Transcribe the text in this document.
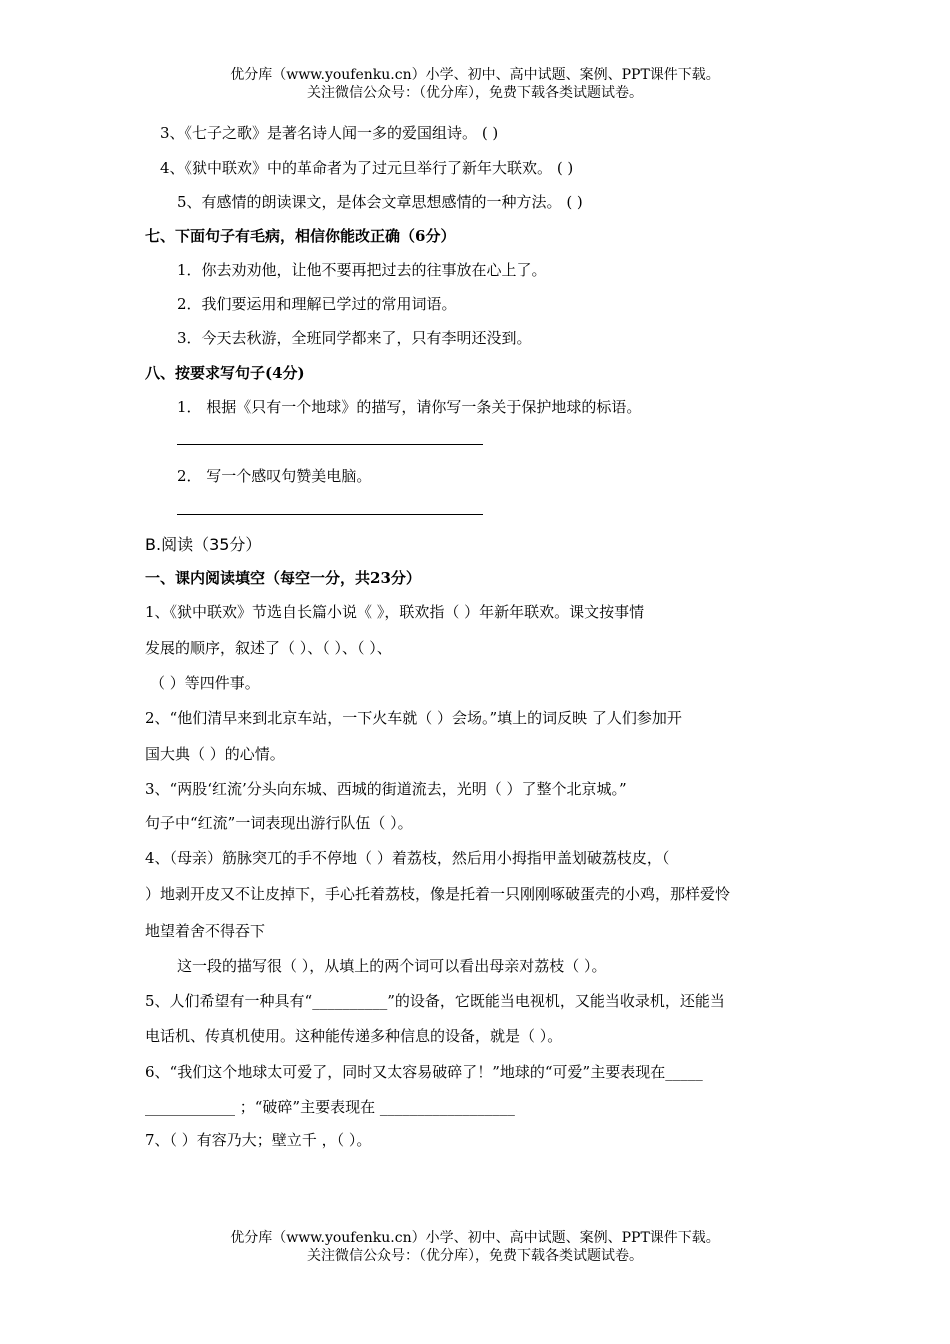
优分库（www.youfenku.cn）小学、初中、高中试题、案例、PPT课件下载。
关注微信公众号：（优分库），免费下载各类试题试卷。
3、《七子之歌》是著名诗人闻一多的爱国组诗。 ( )
4、《狱中联欢》中的革命者为了过元旦举行了新年大联欢。 ( )
5、有感情的朗读课文，是体会文章思想感情的一种方法。 ( )
七、下面句子有毛病，相信你能改正确（6分）
1．你去劝劝他，让他不要再把过去的往事放在心上了。
2．我们要运用和理解已学过的常用词语。
3．今天去秋游，全班同学都来了，只有李明还没到。
八、按要求写句子(4分)
1． 根据《只有一个地球》的描写，请你写一条关于保护地球的标语。
2． 写一个感叹句赞美电脑。
B.阅读（35分）
一、课内阅读填空（每空一分，共23分）
1、《狱中联欢》节选自长篇小说《 》，联欢指（ ）年新年联欢。课文按事情
发展的顺序，叙述了（ ）、（ ）、（ ）、
（ ）等四件事。
2、“他们清早来到北京车站，一下火车就（ ）会场。”填上的词反映 了人们参加开
国大典（ ）的心情。
3、“两股‘红流’分头向东城、西城的街道流去，光明（ ）了整个北京城。”
句子中“红流”一词表现出游行队伍（ ）。
4、（母亲）筋脉突兀的手不停地（ ）着荔枝，然后用小拇指甲盖划破荔枝皮，（
）地剥开皮又不让皮掉下，手心托着荔枝，像是托着一只刚刚啄破蛋壳的小鸡，那样爱怜
地望着舍不得吞下
这一段的描写很（ ），从填上的两个词可以看出母亲对荔枝（ ）。
5、人们希望有一种具有“__________”的设备，它既能当电视机，又能当收录机，还能当
电话机、传真机使用。这种能传递多种信息的设备，就是（ ）。
6、“我们这个地球太可爱了，同时又太容易破碎了！”地球的“可爱”主要表现在_____
____________ ；“破碎”主要表现在 __________________
7、（ ）有容乃大；壁立千 ，（ ）。
优分库（www.youfenku.cn）小学、初中、高中试题、案例、PPT课件下载。
关注微信公众号：（优分库），免费下载各类试题试卷。
